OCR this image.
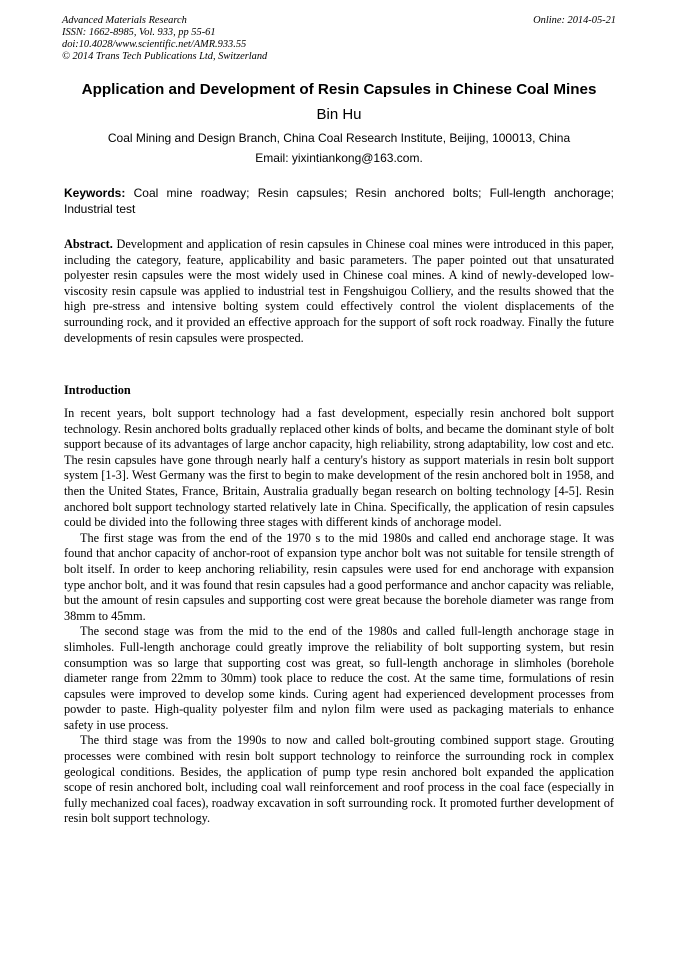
Advanced Materials Research
ISSN: 1662-8985, Vol. 933, pp 55-61
doi:10.4028/www.scientific.net/AMR.933.55
© 2014 Trans Tech Publications Ltd, Switzerland
Online: 2014-05-21
Application and Development of Resin Capsules in Chinese Coal Mines
Bin Hu
Coal Mining and Design Branch, China Coal Research Institute, Beijing, 100013, China
Email: yixintiankong@163.com.
Keywords: Coal mine roadway; Resin capsules; Resin anchored bolts; Full-length anchorage; Industrial test

Abstract. Development and application of resin capsules in Chinese coal mines were introduced in this paper, including the category, feature, applicability and basic parameters. The paper pointed out that unsaturated polyester resin capsules were the most widely used in Chinese coal mines. A kind of newly-developed low-viscosity resin capsule was applied to industrial test in Fengshuigou Colliery, and the results showed that the high pre-stress and intensive bolting system could effectively control the violent displacements of the surrounding rock, and it provided an effective approach for the support of soft rock roadway. Finally the future developments of resin capsules were prospected.

Introduction

In recent years, bolt support technology had a fast development, especially resin anchored bolt support technology. Resin anchored bolts gradually replaced other kinds of bolts, and became the dominant style of bolt support because of its advantages of large anchor capacity, high reliability, strong adaptability, low cost and etc. The resin capsules have gone through nearly half a century's history as support materials in resin bolt support system [1-3]. West Germany was the first to begin to make development of the resin anchored bolt in 1958, and then the United States, France, Britain, Australia gradually began research on bolting technology [4-5]. Resin anchored bolt support technology started relatively late in China. Specifically, the application of resin capsules could be divided into the following three stages with different kinds of anchorage model.

The first stage was from the end of the 1970 s to the mid 1980s and called end anchorage stage. It was found that anchor capacity of anchor-root of expansion type anchor bolt was not suitable for tensile strength of bolt itself. In order to keep anchoring reliability, resin capsules were used for end anchorage with expansion type anchor bolt, and it was found that resin capsules had a good performance and anchor capacity was reliable, but the amount of resin capsules and supporting cost were great because the borehole diameter was range from 38mm to 45mm.

The second stage was from the mid to the end of the 1980s and called full-length anchorage stage in slimholes. Full-length anchorage could greatly improve the reliability of bolt supporting system, but resin consumption was so large that supporting cost was great, so full-length anchorage in slimholes (borehole diameter range from 22mm to 30mm) took place to reduce the cost. At the same time, formulations of resin capsules were improved to develop some kinds. Curing agent had experienced development processes from powder to paste. High-quality polyester film and nylon film were used as packaging materials to enhance safety in use process.

The third stage was from the 1990s to now and called bolt-grouting combined support stage. Grouting processes were combined with resin bolt support technology to reinforce the surrounding rock in complex geological conditions. Besides, the application of pump type resin anchored bolt expanded the application scope of resin anchored bolt, including coal wall reinforcement and roof process in the coal face (especially in fully mechanized coal faces), roadway excavation in soft surrounding rock. It promoted further development of resin bolt support technology.
